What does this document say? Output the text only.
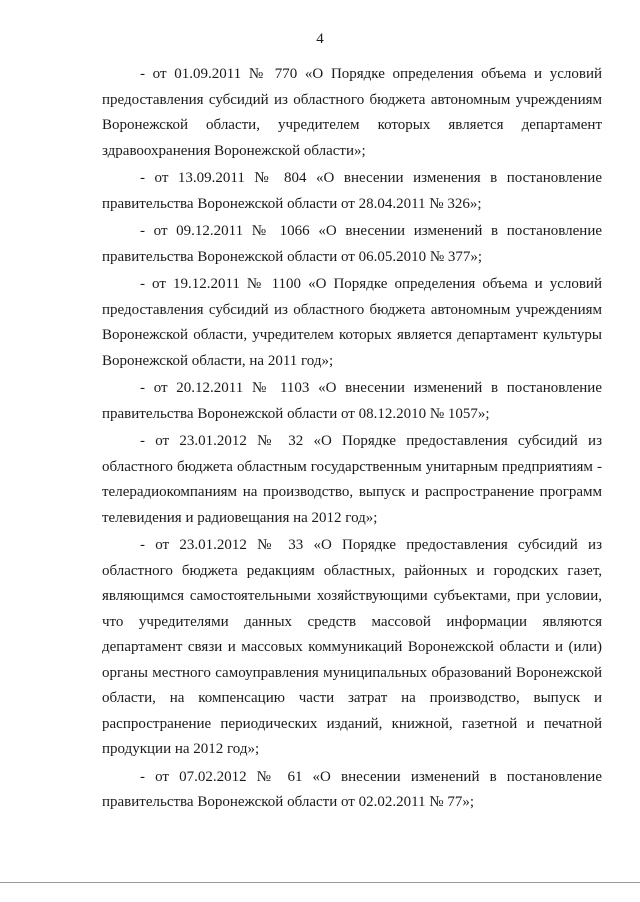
4

- от 01.09.2011 № 770 «О Порядке определения объема и условий предоставления субсидий из областного бюджета автономным учреждениям Воронежской области, учредителем которых является департамент здравоохранения Воронежской области»;

- от 13.09.2011 № 804 «О внесении изменения в постановление правительства Воронежской области от 28.04.2011 № 326»;

- от 09.12.2011 № 1066 «О внесении изменений в постановление правительства Воронежской области от 06.05.2010 № 377»;

- от 19.12.2011 № 1100 «О Порядке определения объема и условий предоставления субсидий из областного бюджета автономным учреждениям Воронежской области, учредителем которых является департамент культуры Воронежской области, на 2011 год»;

- от 20.12.2011 № 1103 «О внесении изменений в постановление правительства Воронежской области от 08.12.2010 № 1057»;

- от 23.01.2012 № 32 «О Порядке предоставления субсидий из областного бюджета областным государственным унитарным предприятиям - телерадиокомпаниям на производство, выпуск и распространение программ телевидения и радиовещания на 2012 год»;

- от 23.01.2012 № 33 «О Порядке предоставления субсидий из областного бюджета редакциям областных, районных и городских газет, являющимся самостоятельными хозяйствующими субъектами, при условии, что учредителями данных средств массовой информации являются департамент связи и массовых коммуникаций Воронежской области и (или) органы местного самоуправления муниципальных образований Воронежской области, на компенсацию части затрат на производство, выпуск и распространение периодических изданий, книжной, газетной и печатной продукции на 2012 год»;

- от 07.02.2012 № 61 «О внесении изменений в постановление правительства Воронежской области от 02.02.2011 № 77»;
